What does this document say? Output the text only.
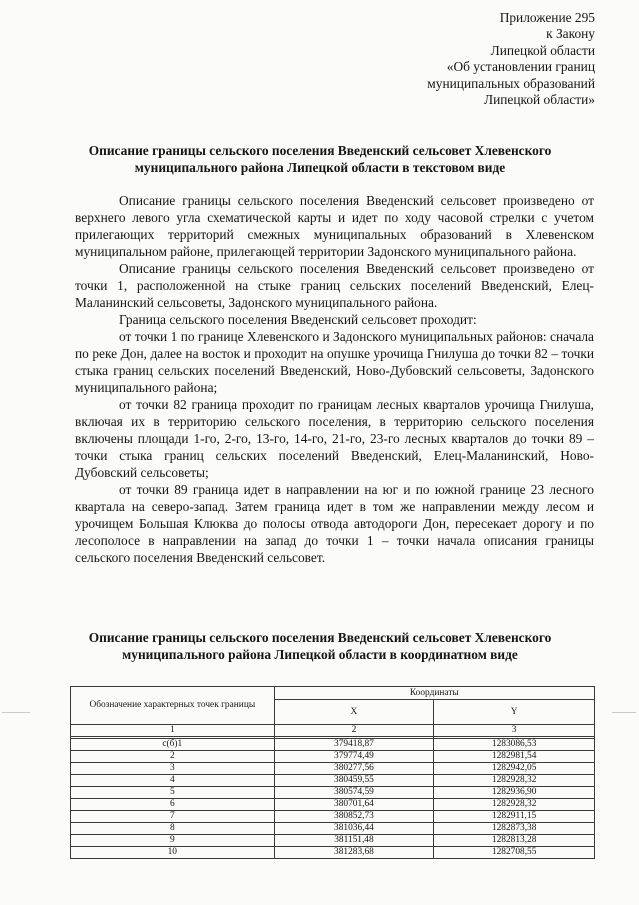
Приложение 295
к Закону
Липецкой области
«Об установлении границ
муниципальных образований
Липецкой области»
Описание границы сельского поселения Введенский сельсовет Хлевенского
муниципального района Липецкой области в текстовом виде

Описание границы сельского поселения Введенский сельсовет произведено от верхнего левого угла схематической карты и идет по ходу часовой стрелки с учетом прилегающих территорий смежных муниципальных образований в Хлевенском муниципальном районе, прилегающей территории Задонского муниципального района.

Описание границы сельского поселения Введенский сельсовет произведено от точки 1, расположенной на стыке границ сельских поселений Введенский, Елец-Маланинский сельсоветы, Задонского муниципального района.

Граница сельского поселения Введенский сельсовет проходит:

от точки 1 по границе Хлевенского и Задонского муниципальных районов: сначала по реке Дон, далее на восток и проходит на опушке урочища Гнилуша до точки 82 – точки стыка границ сельских поселений Введенский, Ново-Дубовский сельсоветы, Задонского муниципального района;

от точки 82 граница проходит по границам лесных кварталов урочища Гнилуша, включая их в территорию сельского поселения, в территорию сельского поселения включены площади 1-го, 2-го, 13-го, 14-го, 21-го, 23-го лесных кварталов до точки 89 – точки стыка границ сельских поселений Введенский, Елец-Маланинский, Ново-Дубовский сельсоветы;

от точки 89 граница идет в направлении на юг и по южной границе 23 лесного квартала на северо-запад. Затем граница идет в том же направлении между лесом и урочищем Большая Клюква до полосы отвода автодороги Дон, пересекает дорогу и по лесополосе в направлении на запад до точки 1 – точки начала описания границы сельского поселения Введенский сельсовет.

Описание границы сельского поселения Введенский сельсовет Хлевенского
муниципального района Липецкой области в координатном виде
Обозначение характерных точек границы	Координаты	
	X	Y
1	2	3

с(б)1	379418,87	1283086,53
2	379774,49	1282981,54
3	380277,56	1282942,05
4	380459,55	1282928,32
5	380574,59	1282936,90
6	380701,64	1282928,32
7	380852,73	1282911,15
8	381036,44	1282873,38
9	381151,48	1282813,28
10	381283,68	1282708,55
